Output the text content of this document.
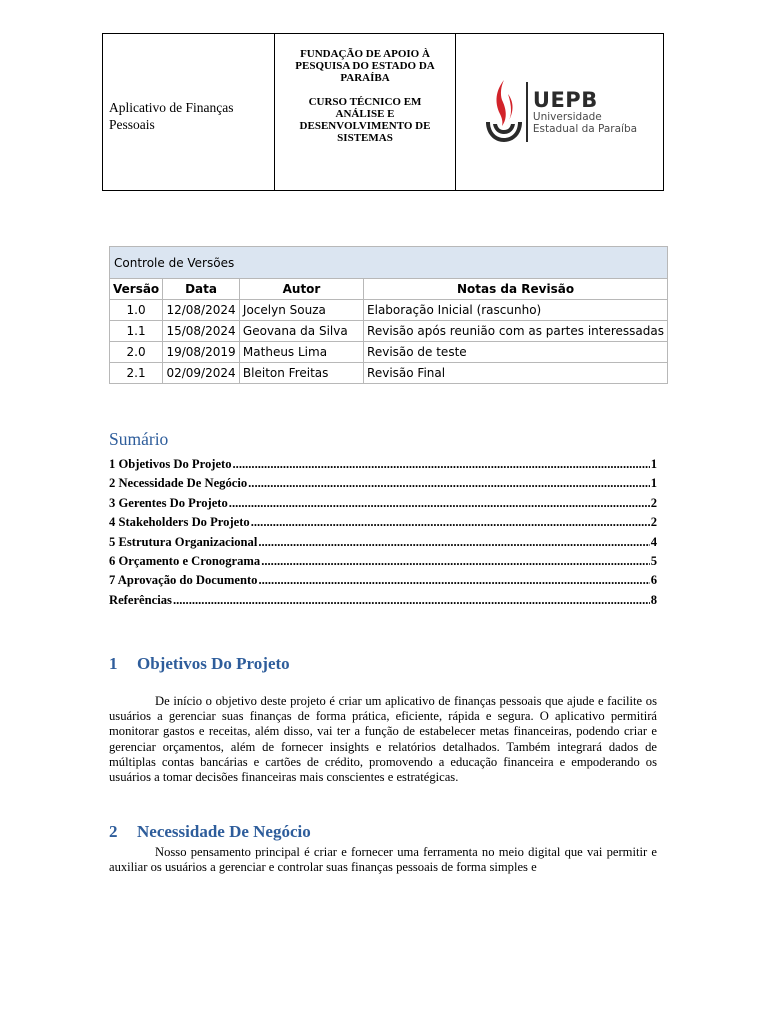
Aplicativo de Finanças Pessoais
FUNDAÇÃO DE APOIO À PESQUISA DO ESTADO DA PARAÍBA
CURSO TÉCNICO EM ANÁLISE E DESENVOLVIMENTO DE SISTEMAS
UEPB
Universidade
Estadual da Paraíba
Controle de Versões			
Versão	Data	Autor	Notas da Revisão
1.0	12/08/2024	Jocelyn Souza	Elaboração Inicial (rascunho)
1.1	15/08/2024	Geovana da Silva	Revisão após reunião com as partes interessadas
2.0	19/08/2019	Matheus Lima	Revisão de teste
2.1	02/09/2024	Bleiton Freitas	Revisão Final
Sumário
1 Objetivos Do Projeto .....	1
2 Necessidade De Negócio .....	1
3 Gerentes Do Projeto .....	2
4 Stakeholders Do Projeto .....	2
5 Estrutura Organizacional .....	4
6 Orçamento e Cronograma .....	5
7 Aprovação do Documento .....	6
Referências .....	8
1	Objetivos Do Projeto
De início o objetivo deste projeto é criar um aplicativo de finanças pessoais que ajude e facilite os usuários a gerenciar suas finanças de forma prática, eficiente, rápida e segura. O aplicativo permitirá monitorar gastos e receitas, além disso, vai ter a função de estabelecer metas financeiras, podendo criar e gerenciar orçamentos, além de fornecer insights e relatórios detalhados. Também integrará dados de múltiplas contas bancárias e cartões de crédito, promovendo a educação financeira e empoderando os usuários a tomar decisões financeiras mais conscientes e estratégicas.
2	Necessidade De Negócio
Nosso pensamento principal é criar e fornecer uma ferramenta no meio digital que vai permitir e auxiliar os usuários a gerenciar e controlar suas finanças pessoais de forma simples e
